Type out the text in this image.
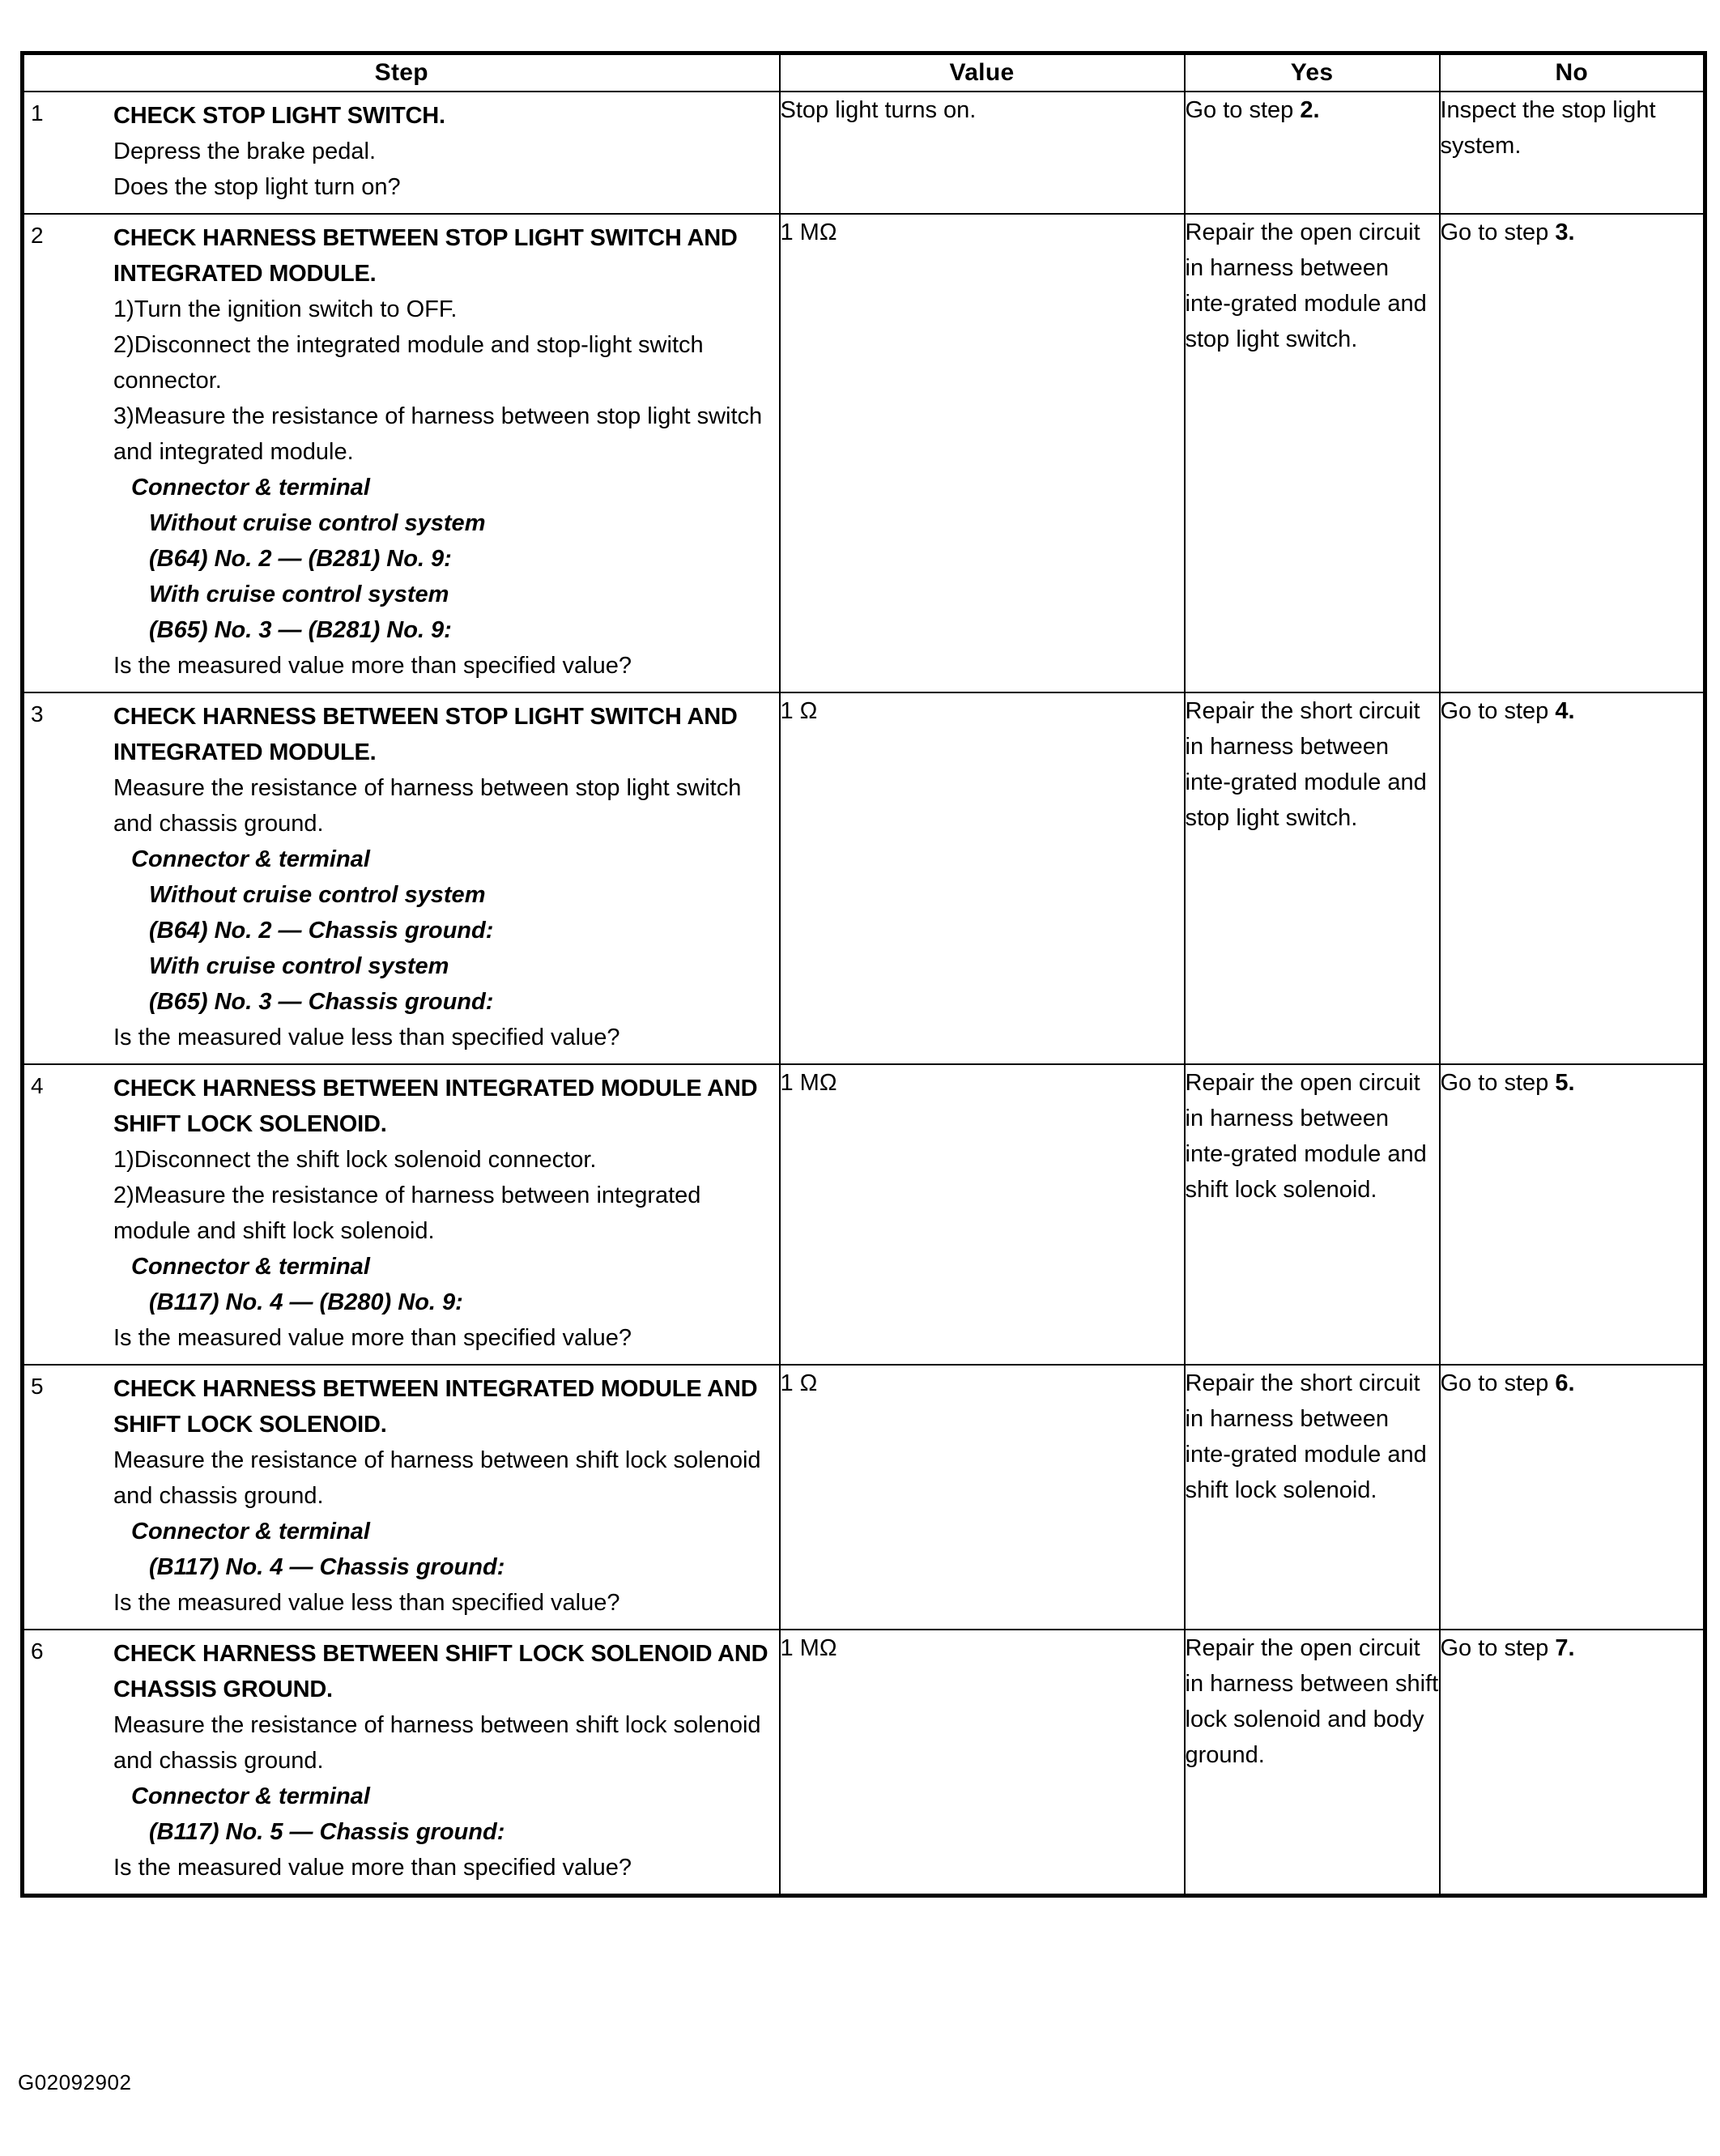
Step	Value	Yes	No

1 CHECK STOP LIGHT SWITCH.
Depress the brake pedal.
Does the stop light turn on?	Stop light turns on.	Go to step 2.	Inspect the stop light system.

2	CHECK HARNESS BETWEEN STOP LIGHT SWITCH AND INTEGRATED MODULE.
1)Turn the ignition switch to OFF.
2)Disconnect the integrated module and stop-light switch connector.
3)Measure the resistance of harness between stop light switch and integrated module.
Connector & terminal
Without cruise control system
(B64) No. 2 — (B281) No. 9:
With cruise control system
(B65) No. 3 — (B281) No. 9:
Is the measured value more than specified value?
	1 MΩ	Repair the open circuit in harness between inte-grated module and stop light switch.	Go to step 3.

3	CHECK HARNESS BETWEEN STOP LIGHT SWITCH AND INTEGRATED MODULE.
Measure the resistance of harness between stop light switch and chassis ground.
Connector & terminal
Without cruise control system
(B64) No. 2 — Chassis ground:
With cruise control system
(B65) No. 3 — Chassis ground:
Is the measured value less than specified value?
	1 Ω	Repair the short circuit in harness between inte-grated module and stop light switch.	Go to step 4.

4	CHECK HARNESS BETWEEN INTEGRATED MODULE AND SHIFT LOCK SOLENOID.
1)Disconnect the shift lock solenoid connector.
2)Measure the resistance of harness between integrated module and shift lock solenoid.
Connector & terminal
(B117) No. 4 — (B280) No. 9:
Is the measured value more than specified value?
	1 MΩ	Repair the open circuit in harness between inte-grated module and shift lock solenoid.	Go to step 5.

5	CHECK HARNESS BETWEEN INTEGRATED MODULE AND SHIFT LOCK SOLENOID.
Measure the resistance of harness between shift lock solenoid and chassis ground.
Connector & terminal
(B117) No. 4 — Chassis ground:
Is the measured value less than specified value?
	1 Ω	Repair the short circuit in harness between inte-grated module and shift lock solenoid.	Go to step 6.

6	CHECK HARNESS BETWEEN SHIFT LOCK SOLENOID AND CHASSIS GROUND.
Measure the resistance of harness between shift lock solenoid and chassis ground.
Connector & terminal
(B117) No. 5 — Chassis ground:
Is the measured value more than specified value?
	1 MΩ	Repair the open circuit in harness between shift lock solenoid and body ground.	Go to step 7.
G02092902
